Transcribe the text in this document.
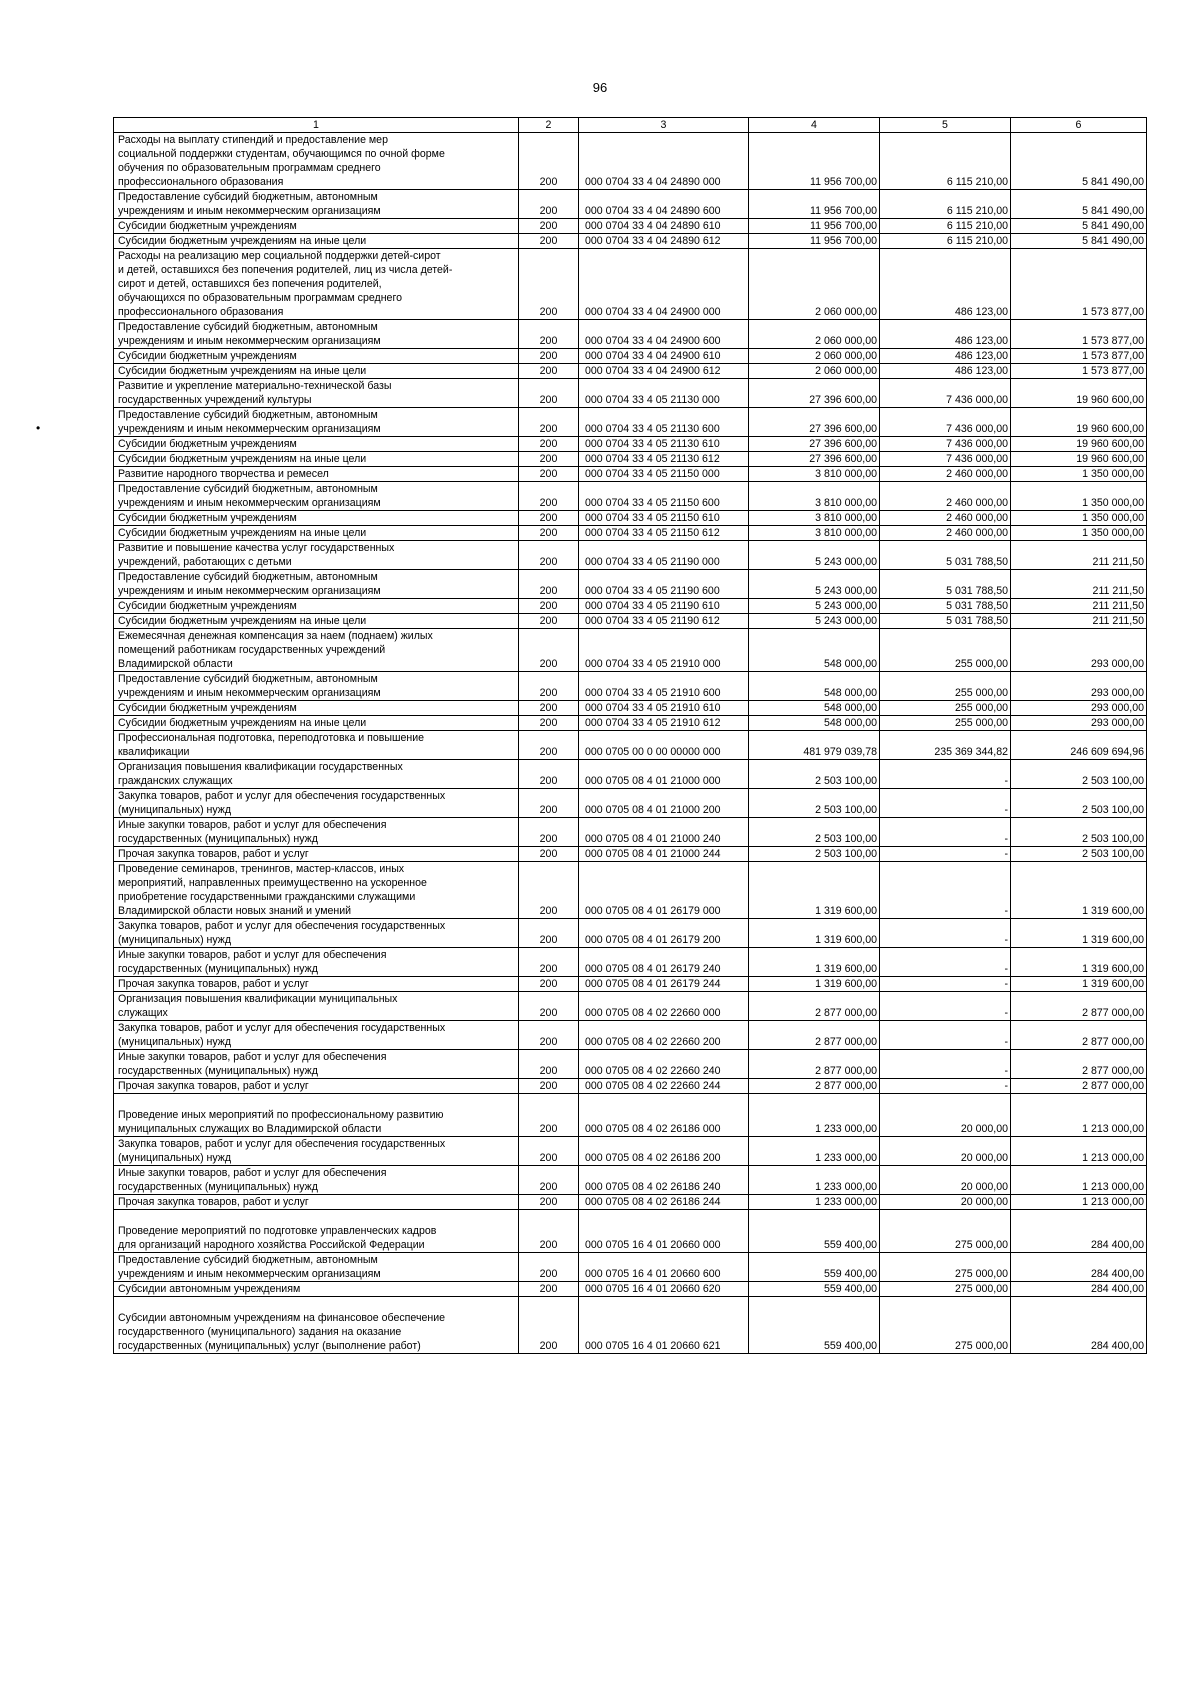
96
1	2	3	4	5	6
Расходы на выплату стипендий и предоставление мер
социальной поддержки студентам, обучающимся по очной форме
обучения по образовательным программам среднего
профессионального образования	200	000 0704 33 4 04 24890 000	11 956 700,00	6 115 210,00	5 841 490,00
Предоставление субсидий бюджетным, автономным
учреждениям и иным некоммерческим организациям	200	000 0704 33 4 04 24890 600	11 956 700,00	6 115 210,00	5 841 490,00
Субсидии бюджетным учреждениям	200	000 0704 33 4 04 24890 610	11 956 700,00	6 115 210,00	5 841 490,00
Субсидии бюджетным учреждениям на иные цели	200	000 0704 33 4 04 24890 612	11 956 700,00	6 115 210,00	5 841 490,00
Расходы на реализацию мер социальной поддержки детей-сирот
и детей, оставшихся без попечения родителей, лиц из числа детей-
сирот и детей, оставшихся без попечения родителей,
обучающихся по образовательным программам среднего
профессионального образования	200	000 0704 33 4 04 24900 000	2 060 000,00	486 123,00	1 573 877,00
Предоставление субсидий бюджетным, автономным
учреждениям и иным некоммерческим организациям	200	000 0704 33 4 04 24900 600	2 060 000,00	486 123,00	1 573 877,00
Субсидии бюджетным учреждениям	200	000 0704 33 4 04 24900 610	2 060 000,00	486 123,00	1 573 877,00
Субсидии бюджетным учреждениям на иные цели	200	000 0704 33 4 04 24900 612	2 060 000,00	486 123,00	1 573 877,00
Развитие и укрепление материально-технической базы
государственных учреждений культуры	200	000 0704 33 4 05 21130 000	27 396 600,00	7 436 000,00	19 960 600,00
Предоставление субсидий бюджетным, автономным
учреждениям и иным некоммерческим организациям	200	000 0704 33 4 05 21130 600	27 396 600,00	7 436 000,00	19 960 600,00
Субсидии бюджетным учреждениям	200	000 0704 33 4 05 21130 610	27 396 600,00	7 436 000,00	19 960 600,00
Субсидии бюджетным учреждениям на иные цели	200	000 0704 33 4 05 21130 612	27 396 600,00	7 436 000,00	19 960 600,00
Развитие народного творчества и ремесел	200	000 0704 33 4 05 21150 000	3 810 000,00	2 460 000,00	1 350 000,00
Предоставление субсидий бюджетным, автономным
учреждениям и иным некоммерческим организациям	200	000 0704 33 4 05 21150 600	3 810 000,00	2 460 000,00	1 350 000,00
Субсидии бюджетным учреждениям	200	000 0704 33 4 05 21150 610	3 810 000,00	2 460 000,00	1 350 000,00
Субсидии бюджетным учреждениям на иные цели	200	000 0704 33 4 05 21150 612	3 810 000,00	2 460 000,00	1 350 000,00
Развитие и повышение качества услуг государственных
учреждений, работающих с детьми	200	000 0704 33 4 05 21190 000	5 243 000,00	5 031 788,50	211 211,50
Предоставление субсидий бюджетным, автономным
учреждениям и иным некоммерческим организациям	200	000 0704 33 4 05 21190 600	5 243 000,00	5 031 788,50	211 211,50
Субсидии бюджетным учреждениям	200	000 0704 33 4 05 21190 610	5 243 000,00	5 031 788,50	211 211,50
Субсидии бюджетным учреждениям на иные цели	200	000 0704 33 4 05 21190 612	5 243 000,00	5 031 788,50	211 211,50
Ежемесячная денежная компенсация за наем (поднаем) жилых
помещений работникам государственных учреждений
Владимирской области	200	000 0704 33 4 05 21910 000	548 000,00	255 000,00	293 000,00
Предоставление субсидий бюджетным, автономным
учреждениям и иным некоммерческим организациям	200	000 0704 33 4 05 21910 600	548 000,00	255 000,00	293 000,00
Субсидии бюджетным учреждениям	200	000 0704 33 4 05 21910 610	548 000,00	255 000,00	293 000,00
Субсидии бюджетным учреждениям на иные цели	200	000 0704 33 4 05 21910 612	548 000,00	255 000,00	293 000,00
Профессиональная подготовка, переподготовка и повышение
квалификации	200	000 0705 00 0 00 00000 000	481 979 039,78	235 369 344,82	246 609 694,96
Организация повышения квалификации государственных
гражданских служащих	200	000 0705 08 4 01 21000 000	2 503 100,00	-	2 503 100,00
Закупка товаров, работ и услуг для обеспечения государственных
(муниципальных) нужд	200	000 0705 08 4 01 21000 200	2 503 100,00	-	2 503 100,00
Иные закупки товаров, работ и услуг для обеспечения
государственных (муниципальных) нужд	200	000 0705 08 4 01 21000 240	2 503 100,00	-	2 503 100,00
Прочая закупка товаров, работ и услуг	200	000 0705 08 4 01 21000 244	2 503 100,00	-	2 503 100,00
Проведение семинаров, тренингов, мастер-классов, иных
мероприятий, направленных преимущественно на ускоренное
приобретение государственными гражданскими служащими
Владимирской области новых знаний и умений	200	000 0705 08 4 01 26179 000	1 319 600,00	-	1 319 600,00
Закупка товаров, работ и услуг для обеспечения государственных
(муниципальных) нужд	200	000 0705 08 4 01 26179 200	1 319 600,00	-	1 319 600,00
Иные закупки товаров, работ и услуг для обеспечения
государственных (муниципальных) нужд	200	000 0705 08 4 01 26179 240	1 319 600,00	-	1 319 600,00
Прочая закупка товаров, работ и услуг	200	000 0705 08 4 01 26179 244	1 319 600,00	-	1 319 600,00
Организация повышения квалификации муниципальных
служащих	200	000 0705 08 4 02 22660 000	2 877 000,00	-	2 877 000,00
Закупка товаров, работ и услуг для обеспечения государственных
(муниципальных) нужд	200	000 0705 08 4 02 22660 200	2 877 000,00	-	2 877 000,00
Иные закупки товаров, работ и услуг для обеспечения
государственных (муниципальных) нужд	200	000 0705 08 4 02 22660 240	2 877 000,00	-	2 877 000,00
Прочая закупка товаров, работ и услуг	200	000 0705 08 4 02 22660 244	2 877 000,00	-	2 877 000,00

Проведение иных мероприятий по профессиональному развитию
муниципальных служащих во Владимирской области	200	000 0705 08 4 02 26186 000	1 233 000,00	20 000,00	1 213 000,00
Закупка товаров, работ и услуг для обеспечения государственных
(муниципальных) нужд	200	000 0705 08 4 02 26186 200	1 233 000,00	20 000,00	1 213 000,00
Иные закупки товаров, работ и услуг для обеспечения
государственных (муниципальных) нужд	200	000 0705 08 4 02 26186 240	1 233 000,00	20 000,00	1 213 000,00
Прочая закупка товаров, работ и услуг	200	000 0705 08 4 02 26186 244	1 233 000,00	20 000,00	1 213 000,00

Проведение мероприятий по подготовке управленческих кадров
для организаций народного хозяйства Российской Федерации	200	000 0705 16 4 01 20660 000	559 400,00	275 000,00	284 400,00
Предоставление субсидий бюджетным, автономным
учреждениям и иным некоммерческим организациям	200	000 0705 16 4 01 20660 600	559 400,00	275 000,00	284 400,00
Субсидии автономным учреждениям	200	000 0705 16 4 01 20660 620	559 400,00	275 000,00	284 400,00

Субсидии автономным учреждениям на финансовое обеспечение
государственного (муниципального) задания на оказание
государственных (муниципальных) услуг (выполнение работ)	200	000 0705 16 4 01 20660 621	559 400,00	275 000,00	284 400,00
•
